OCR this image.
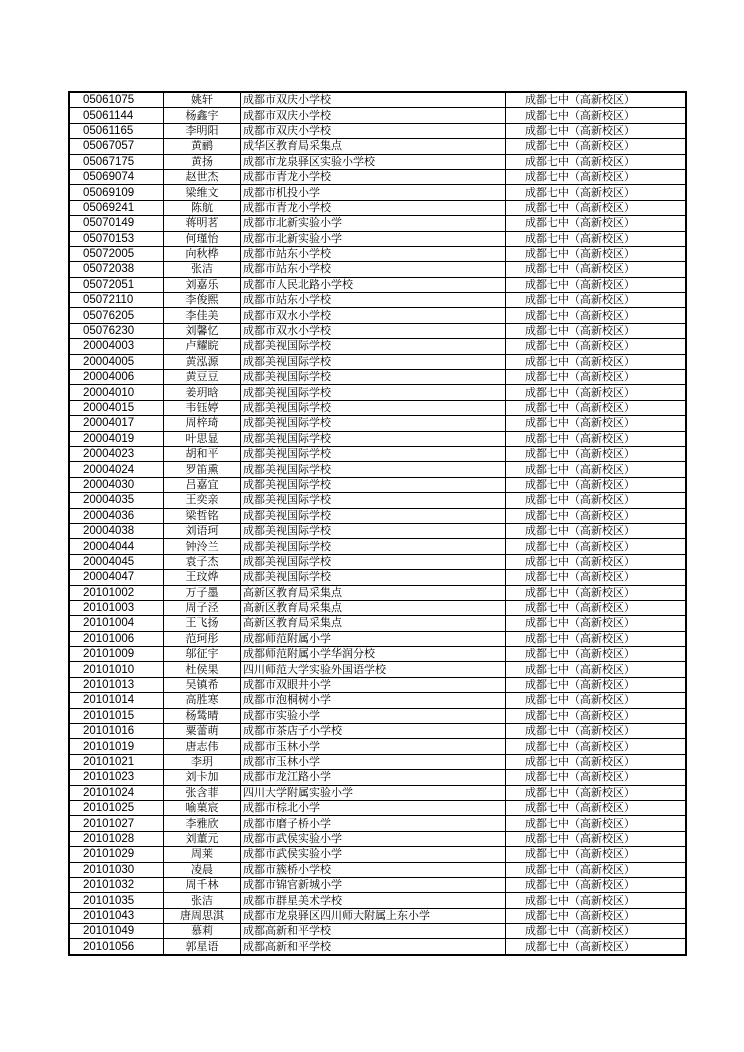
05061075	姚轩	成都市双庆小学校	成都七中（高新校区）
05061144	杨鑫宇	成都市双庆小学校	成都七中（高新校区）
05061165	李明阳	成都市双庆小学校	成都七中（高新校区）
05067057	黄鹂	成华区教育局采集点	成都七中（高新校区）
05067175	黄扬	成都市龙泉驿区实验小学校	成都七中（高新校区）
05069074	赵世杰	成都市青龙小学校	成都七中（高新校区）
05069109	梁维文	成都市机投小学	成都七中（高新校区）
05069241	陈航	成都市青龙小学校	成都七中（高新校区）
05070149	蒋明茗	成都市北新实验小学	成都七中（高新校区）
05070153	何瑾怡	成都市北新实验小学	成都七中（高新校区）
05072005	向秋桦	成都市站东小学校	成都七中（高新校区）
05072038	张洁	成都市站东小学校	成都七中（高新校区）
05072051	刘嘉乐	成都市人民北路小学校	成都七中（高新校区）
05072110	李俊熙	成都市站东小学校	成都七中（高新校区）
05076205	李佳美	成都市双水小学校	成都七中（高新校区）
05076230	刘馨忆	成都市双水小学校	成都七中（高新校区）
20004003	卢耀睆	成都美视国际学校	成都七中（高新校区）
20004005	黄泓源	成都美视国际学校	成都七中（高新校区）
20004006	黄豆豆	成都美视国际学校	成都七中（高新校区）
20004010	姜玥晗	成都美视国际学校	成都七中（高新校区）
20004015	韦钰婷	成都美视国际学校	成都七中（高新校区）
20004017	周梓琦	成都美视国际学校	成都七中（高新校区）
20004019	叶思显	成都美视国际学校	成都七中（高新校区）
20004023	胡和平	成都美视国际学校	成都七中（高新校区）
20004024	罗笛熏	成都美视国际学校	成都七中（高新校区）
20004030	吕嘉宜	成都美视国际学校	成都七中（高新校区）
20004035	王奕亲	成都美视国际学校	成都七中（高新校区）
20004036	梁哲铭	成都美视国际学校	成都七中（高新校区）
20004038	刘语珂	成都美视国际学校	成都七中（高新校区）
20004044	钟泠兰	成都美视国际学校	成都七中（高新校区）
20004045	袁子杰	成都美视国际学校	成都七中（高新校区）
20004047	王玟烨	成都美视国际学校	成都七中（高新校区）
20101002	万子墨	高新区教育局采集点	成都七中（高新校区）
20101003	周子泾	高新区教育局采集点	成都七中（高新校区）
20101004	王飞扬	高新区教育局采集点	成都七中（高新校区）
20101006	范珂彤	成都师范附属小学	成都七中（高新校区）
20101009	邬征宇	成都师范附属小学华润分校	成都七中（高新校区）
20101010	杜侯果	四川师范大学实验外国语学校	成都七中（高新校区）
20101013	吴镇希	成都市双眼井小学	成都七中（高新校区）
20101014	高胜寒	成都市泡桐树小学	成都七中（高新校区）
20101015	杨鸶晴	成都市实验小学	成都七中（高新校区）
20101016	粟蕾萌	成都市茶店子小学校	成都七中（高新校区）
20101019	唐志伟	成都市玉林小学	成都七中（高新校区）
20101021	李玥	成都市玉林小学	成都七中（高新校区）
20101023	刘卡加	成都市龙江路小学	成都七中（高新校区）
20101024	张含菲	四川大学附属实验小学	成都七中（高新校区）
20101025	喻菓宸	成都市棕北小学	成都七中（高新校区）
20101027	李雅欣	成都市磨子桥小学	成都七中（高新校区）
20101028	刘董元	成都市武侯实验小学	成都七中（高新校区）
20101029	周莱	成都市武侯实验小学	成都七中（高新校区）
20101030	凌晨	成都市簇桥小学校	成都七中（高新校区）
20101032	周千林	成都市锦官新城小学	成都七中（高新校区）
20101035	张洁	成都市群星美术学校	成都七中（高新校区）
20101043	唐周思淇	成都市龙泉驿区四川师大附属上东小学	成都七中（高新校区）
20101049	慕莉	成都高新和平学校	成都七中（高新校区）
20101056	郭星语	成都高新和平学校	成都七中（高新校区）
